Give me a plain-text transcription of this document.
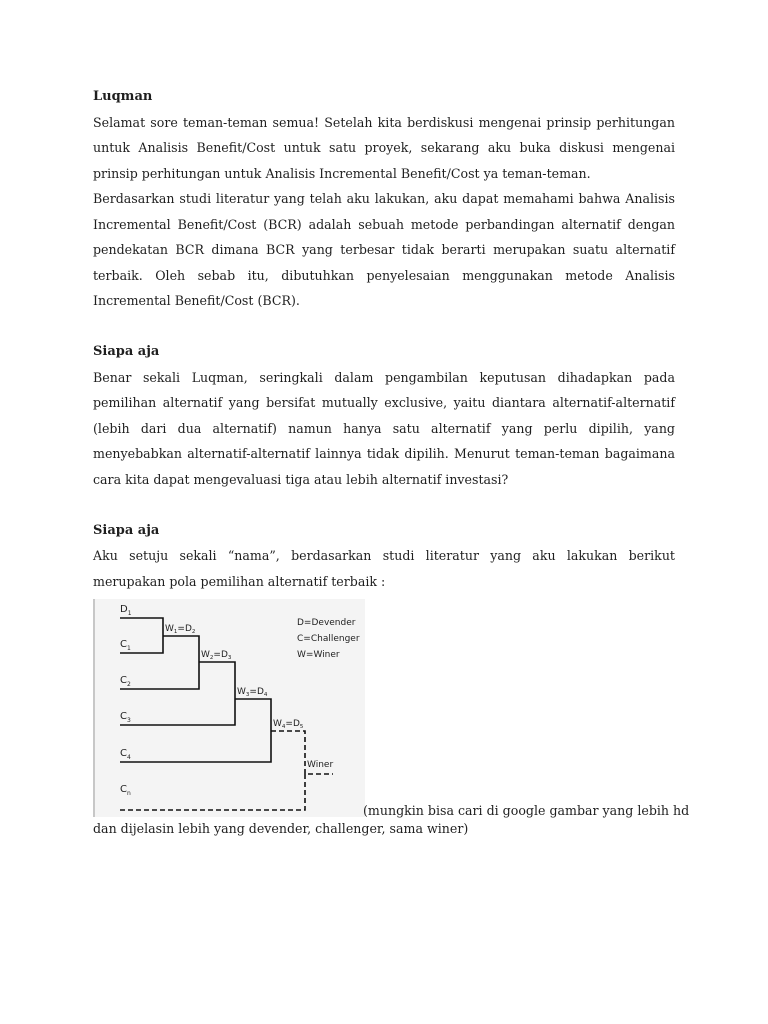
Luqman

Selamat sore teman-teman semua! Setelah kita berdiskusi mengenai prinsip perhitungan untuk Analisis Benefit/Cost untuk satu proyek, sekarang aku buka diskusi mengenai prinsip perhitungan untuk Analisis Incremental Benefit/Cost ya teman-teman.

Berdasarkan studi literatur yang telah aku lakukan, aku dapat memahami bahwa Analisis Incremental Benefit/Cost (BCR) adalah sebuah metode perbandingan alternatif dengan pendekatan BCR dimana BCR yang terbesar tidak berarti merupakan suatu alternatif terbaik. Oleh sebab itu, dibutuhkan penyelesaian menggunakan metode Analisis Incremental Benefit/Cost (BCR).

Siapa aja

Benar sekali Luqman, seringkali dalam pengambilan keputusan dihadapkan pada pemilihan alternatif yang bersifat mutually exclusive, yaitu diantara alternatif-alternatif (lebih dari dua alternatif) namun hanya satu alternatif yang perlu dipilih, yang menyebabkan alternatif-alternatif lainnya tidak dipilih. Menurut teman-teman bagaimana cara kita dapat mengevaluasi tiga atau lebih alternatif investasi?

Siapa aja

Aku setuju sekali “nama”, berdasarkan studi literatur yang aku lakukan berikut merupakan pola pemilihan alternatif terbaik :

$D_1$
$C_1$
$C_2$
$C_3$
$C_4$
$C_n$
$W_1=D_2$
$W_2=D_3$
$W_3=D_4$
$W_4=D_5$
Winer
D=Devender
C=Challenger
W=Winer
(mungkin bisa cari di google gambar yang lebih hd

dan dijelasin lebih yang devender, challenger, sama winer)
